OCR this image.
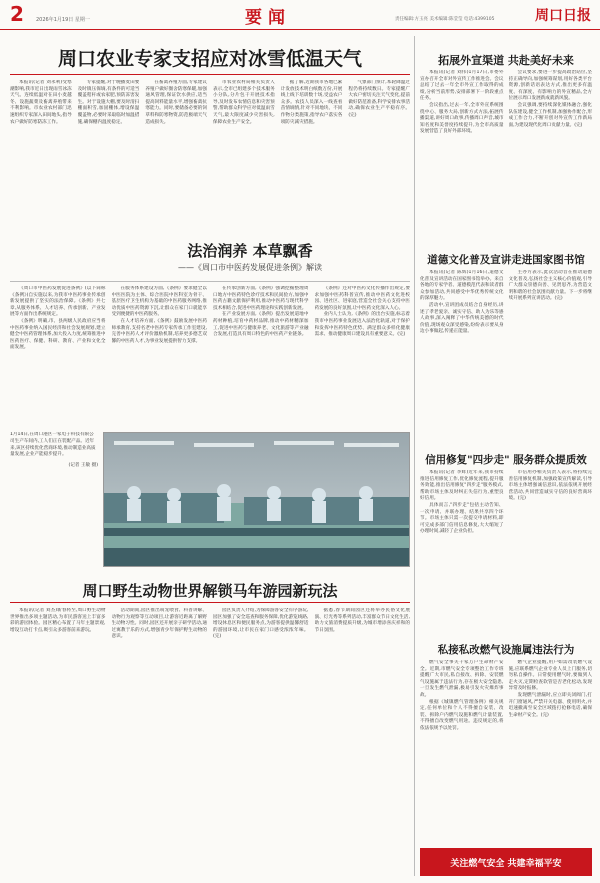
2 2026年1月19日 星期一	要闻	责任编辑:方玉亮 美术编辑:陈莹莹 电话:4399105	周口日报
周口农业专家支招应对冰雪低温天气
本报讯(记者 刘永利)受寒潮影响,我市近日出现雨雪冰冻天气。连续低温对在田小麦越冬、设施蔬菜及畜禽养殖带来不利影响。市农业农村部门迅速组织专家深入田间地头,指导农户做好防寒防冻工作。
专家提醒,对于晚播麦田要及时镇压保墒,有条件的可适当覆盖秸秆或农家肥,预防冻害发生。对于设施大棚,要及时清扫棚面积雪,加固棚体,增设保温覆盖物,必要时采取临时加温措施,确保棚内温度稳定。
在畜禽养殖方面,专家建议养殖户做好圈舍防寒保暖,加强通风管理,保证饮水供应,适当提高饲料能量水平,增强畜禽抗寒能力。同时,要储备必要的饲草料和防寒物资,防范极端天气造成损失。
市农业农村局相关负责人表示,全市已组建多个技术服务小分队,分片包干开展技术指导,及时发布农情信息和灾害预警,帮助群众科学应对低温雨雪天气,最大限度减少灾害损失,保障农业生产安全。
据了解,近期我市各地已累计发放技术明白纸数万份,开展线上线下培训数十场,受益农户众多。农技人员深入一线查看苗情墒情,针对不同地块、不同作物分类施策,指导农户落实各项防灾减灾措施。
气象部门预计,本轮降温过程仍将持续数日。专家提醒广大农户密切关注天气变化,提前做好防范准备,科学安排农事活动,确保农业生产平稳有序。(完)
法治润养 本草飘香
——《周口市中医药发展促进条例》解读
《周口市中医药发展促进条例》(以下简称《条例》)自实施以来,为我市中医药事业传承创新发展提供了坚实的法治保障。《条例》共七章,从服务体系、人才培养、传承创新、产业发展等方面作出系统规定。
《条例》明确,市、县两级人民政府应当将中医药事业纳入国民经济和社会发展规划,建立健全中医药管理体系,加大投入力度,统筹推进中医药医疗、保健、科研、教育、产业和文化全面发展。
在服务体系建设方面,《条例》要求健全以中医医院为主体、综合医院中医科室为骨干、基层医疗卫生机构为基础的中医药服务网络,推动优质中医药资源下沉,让群众在家门口就能享受到便捷的中医药服务。
在人才培养方面,《条例》鼓励发展中医药师承教育,支持名老中医药专家传承工作室建设,完善中医药人才评价激励机制,培养更多德艺双馨的中医药人才,为事业发展提供智力支撑。
在传承创新方面,《条例》强调挖掘整理周口地方中医药特色诊疗技术和民间验方,加强中医药古籍文献保护利用,推动中医药与现代科学技术相结合,促进中医药理论和实践创新发展。
在产业发展方面,《条例》提出发展道地中药材种植,培育中药材品牌,推动中药材精深加工,促进中医药与健康养老、文化旅游等产业融合发展,打造具有周口特色的中医药产业链条。
《条例》还对中医药文化传播作出规定,要求加强中医药科普宣传,推动中医药文化进校园、进社区、进家庭,营造全社会关心支持中医药发展的良好氛围,让中医药文化深入人心。
业内人士认为,《条例》的出台实施,标志着我市中医药事业发展迈入法治化轨道,对于保护和发挥中医药特色优势、满足群众多样化健康需求、推动健康周口建设具有重要意义。(完)
1月14日,在周口港区一家电子科技有限公司生产车间内,工人们正在装配产品。近年来,该区持续优化营商环境,推动制造业高质量发展,企业产能稳步提升。
(记者 王敏 摄)
周口野生动物世界解锁马年游园新玩法
本报讯(记者 刘杰)新春将至,周口野生动物世界推出多项主题活动,为市民游客送上丰富多彩的游园体验。园区精心布置了马年主题景观,增设互动打卡点,吸引众多游客前来游玩。
活动期间,园区推出萌宠喂食、科普讲解、动物行为观察等互动项目,让游客近距离了解野生动物习性。同时,园区还开展亲子研学活动,通过寓教于乐的方式,增强青少年保护野生动物的意识。
园区负责人介绍,为保障游客安全有序游玩,园区加强了安全巡查和服务保障,优化游览线路,增设休息区和便民服务点,为游客提供温馨舒适的游园环境,让市民在家门口感受浓浓年味。(完)
据悉,春节期间园区还将举办民俗文化展演、灯光秀等系列活动,丰富群众节日文化生活,助力文旅消费提质升级,为城市增添喜庆祥和的节日氛围。
拓展外宣渠道 共赴美好未来
本报讯(记者 刘伟)1月17日,市委外宣办召开全市对外宣传工作推进会。会议总结了过去一年全市外宣工作取得的成绩,分析当前形势,安排部署下一阶段重点任务。
会议指出,过去一年,全市外宣系统围绕中心、服务大局,创新方式方法,拓展传播渠道,讲好周口故事,传播周口声音,城市知名度和美誉度持续提升,为全市高质量发展营造了良好外部环境。
会议要求,要进一步提高政治站位,坚持正确导向,加强统筹谋划,用好各类平台资源,创新话语表达方式,推出更多有温度、有深度、有影响力的外宣精品,全方位展示周口发展新成就新风貌。
会议强调,要持续深化媒体融合,强化队伍建设,健全工作机制,加强协作配合,形成工作合力,不断开创对外宣传工作新局面,为建设现代化周口贡献力量。(完)
道德文化普及宣讲走进国家图书馆
本报讯(记者 陈辉)1月16日,道德文化普及宣讲活动在国家图书馆举办。来自各地的专家学者、道德模范代表和读者群众参加活动,共同感受中华优秀传统文化的深厚魅力。
活动中,宣讲团成员结合自身经历,讲述了孝老爱亲、诚实守信、助人为乐等感人故事,深入阐释了中华传统美德的时代价值,现场观众深受感染,纷纷表示要从身边小事做起,传递正能量。
主办方表示,此次活动旨在推动道德文化普及,弘扬社会主义核心价值观,引导广大群众崇德向善、见贤思齐,为营造文明和谐的社会氛围贡献力量。下一步将继续开展系列宣讲活动。(完)
信用修复"四步走" 服务群众提质效
本报讯(记者 李辉)近年来,我市持续推进信用修复工作,优化修复流程,提升服务效能,推出信用修复"四步走"服务模式,帮助市场主体及时纠正失信行为,重塑良好信用。
具体而言,"四步走"包括主动告知、一次申请、并联办理、结果共享四个环节。市场主体只需一次提交申请材料,即可完成多部门信用信息修复,大大缩短了办理时间,减轻了企业负担。
市信用办相关负责人表示,将持续完善信用修复机制,加强政策宣传解读,引导市场主体增强诚信意识,依法依规开展经营活动,共同营造诚实守信的良好营商环境。(完)
私接私改燃气设施属违法行为
燃气安全事关千家万户生命财产安全。近期,市燃气安全专项整治工作专班提醒广大市民,私自接改、拆除、安装燃气设施属于违法行为,存在极大安全隐患,一旦发生燃气泄漏,极易引发火灾爆炸事故。
根据《城镇燃气管理条例》相关规定,任何单位和个人不得擅自安装、改装、拆除户内燃气设施和燃气计量装置,不得擅自改变燃气用途。违反规定的,将依法依规予以处罚。
燃气企业提醒,用户如需改装燃气设施,应联系燃气企业专业人员上门服务,切勿私自操作。日常使用燃气时,要做到人走火灭,定期检查软管是否老化松动,发现异常及时报修。
发现燃气泄漏时,应立即关闭阀门,打开门窗通风,严禁开关电器、使用明火,并迅速撤离至安全区域拨打抢修电话,确保生命财产安全。(完)
关注燃气安全 共建幸福平安
